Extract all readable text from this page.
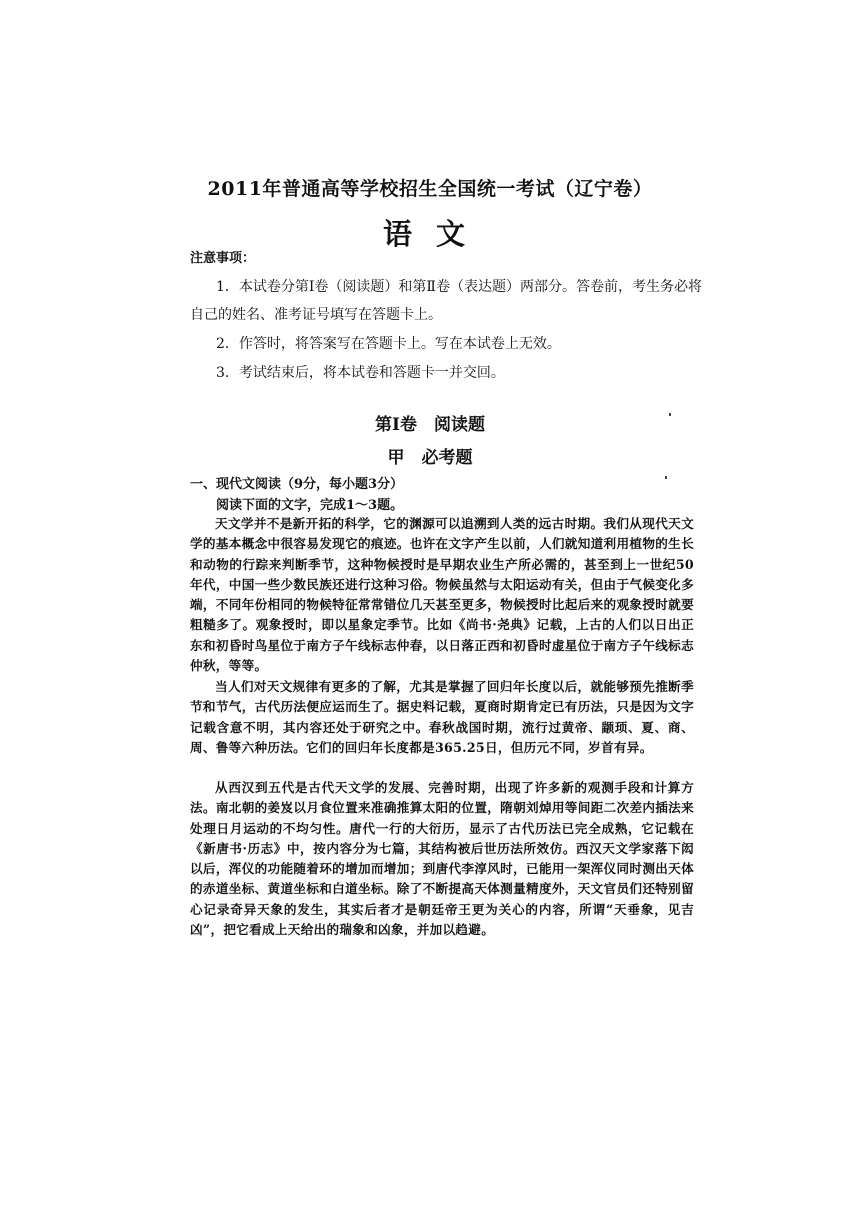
2011年普通高等学校招生全国统一考试（辽宁卷）
语文
注意事项：
1．本试卷分第Ⅰ卷（阅读题）和第Ⅱ卷（表达题）两部分。答卷前，考生务必将
自己的姓名、准考证号填写在答题卡上。
2．作答时，将答案写在答题卡上。写在本试卷上无效。
3．考试结束后，将本试卷和答题卡一并交回。
第Ⅰ卷　阅读题
甲　必考题
一、现代文阅读（9分，每小题3分）
阅读下面的文字，完成1～3题。
天文学并不是新开拓的科学，它的渊源可以追溯到人类的远古时期。我们从现代天文学的基本概念中很容易发现它的痕迹。也许在文字产生以前，人们就知道利用植物的生长和动物的行踪来判断季节，这种物候授时是早期农业生产所必需的，甚至到上一世纪50年代，中国一些少数民族还进行这种习俗。物候虽然与太阳运动有关，但由于气候变化多端，不同年份相同的物候特征常常错位几天甚至更多，物候授时比起后来的观象授时就要粗糙多了。观象授时，即以星象定季节。比如《尚书·尧典》记载，上古的人们以日出正东和初昏时鸟星位于南方子午线标志仲春，以日落正西和初昏时虚星位于南方子午线标志仲秋，等等。
当人们对天文规律有更多的了解，尤其是掌握了回归年长度以后，就能够预先推断季节和节气，古代历法便应运而生了。据史料记载，夏商时期肯定已有历法，只是因为文字记载含意不明，其内容还处于研究之中。春秋战国时期，流行过黄帝、颛顼、夏、商、周、鲁等六种历法。它们的回归年长度都是365.25日，但历元不同，岁首有异。
从西汉到五代是古代天文学的发展、完善时期，出现了许多新的观测手段和计算方法。南北朝的姜岌以月食位置来准确推算太阳的位置，隋朝刘焯用等间距二次差内插法来处理日月运动的不均匀性。唐代一行的大衍历，显示了古代历法已完全成熟，它记载在《新唐书·历志》中，按内容分为七篇，其结构被后世历法所效仿。西汉天文学家落下闳以后，浑仪的功能随着环的增加而增加；到唐代李淳风时，已能用一架浑仪同时测出天体的赤道坐标、黄道坐标和白道坐标。除了不断提高天体测量精度外，天文官员们还特别留心记录奇异天象的发生，其实后者才是朝廷帝王更为关心的内容，所谓“天垂象，见吉凶”，把它看成上天给出的瑞象和凶象，并加以趋避。
